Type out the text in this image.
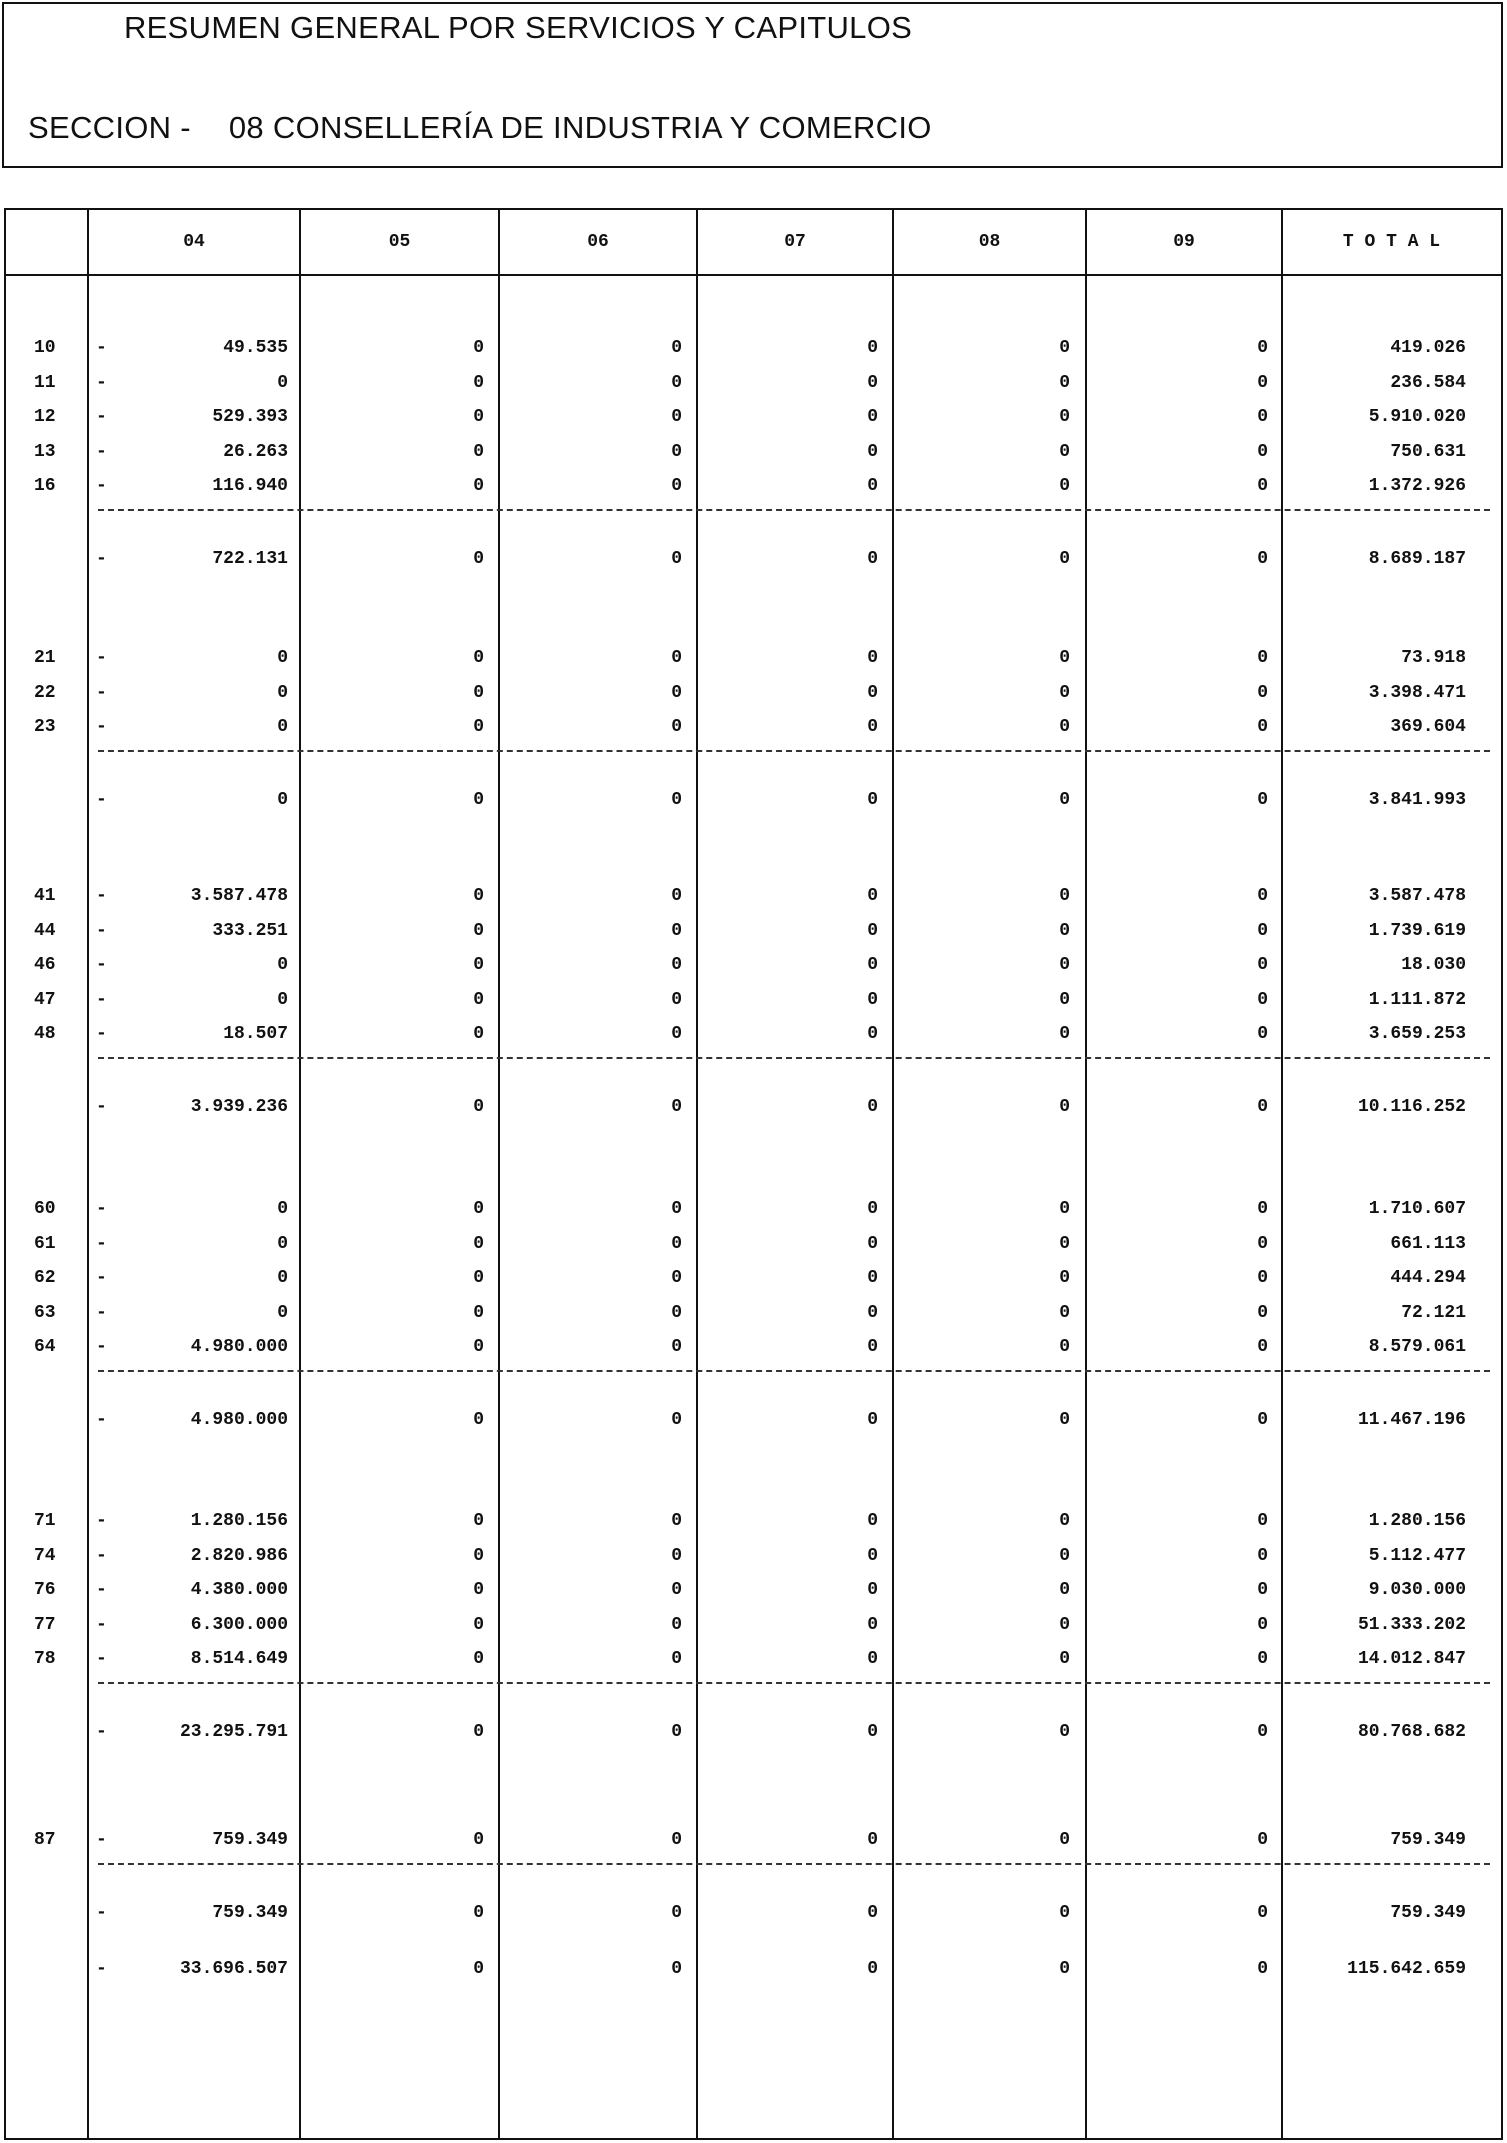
RESUMEN GENERAL POR SERVICIOS Y CAPITULOS
SECCION - 08 CONSELLERÍA DE INDUSTRIA Y COMERCIO
04	05	06	07	08	09	T O T A L
10 -	49.535	0	0	0	0	0	419.026
11 -	0	0	0	0	0	0	236.584
12 -	529.393	0	0	0	0	0	5.910.020
13 -	26.263	0	0	0	0	0	750.631
16 -	116.940	0	0	0	0	0	1.372.926
-	722.131	0	0	0	0	0	8.689.187
21 -	0	0	0	0	0	0	73.918
22 -	0	0	0	0	0	0	3.398.471
23 -	0	0	0	0	0	0	369.604
-	0	0	0	0	0	0	3.841.993
41 -	3.587.478	0	0	0	0	0	3.587.478
44 -	333.251	0	0	0	0	0	1.739.619
46 -	0	0	0	0	0	0	18.030
47 -	0	0	0	0	0	0	1.111.872
48 -	18.507	0	0	0	0	0	3.659.253
-	3.939.236	0	0	0	0	0	10.116.252
60 -	0	0	0	0	0	0	1.710.607
61 -	0	0	0	0	0	0	661.113
62 -	0	0	0	0	0	0	444.294
63 -	0	0	0	0	0	0	72.121
64 -	4.980.000	0	0	0	0	0	8.579.061
-	4.980.000	0	0	0	0	0	11.467.196
71 -	1.280.156	0	0	0	0	0	1.280.156
74 -	2.820.986	0	0	0	0	0	5.112.477
76 -	4.380.000	0	0	0	0	0	9.030.000
77 -	6.300.000	0	0	0	0	0	51.333.202
78 -	8.514.649	0	0	0	0	0	14.012.847
-	23.295.791	0	0	0	0	0	80.768.682
87 -	759.349	0	0	0	0	0	759.349
-	759.349	0	0	0	0	0	759.349
-	33.696.507	0	0	0	0	0	115.642.659
